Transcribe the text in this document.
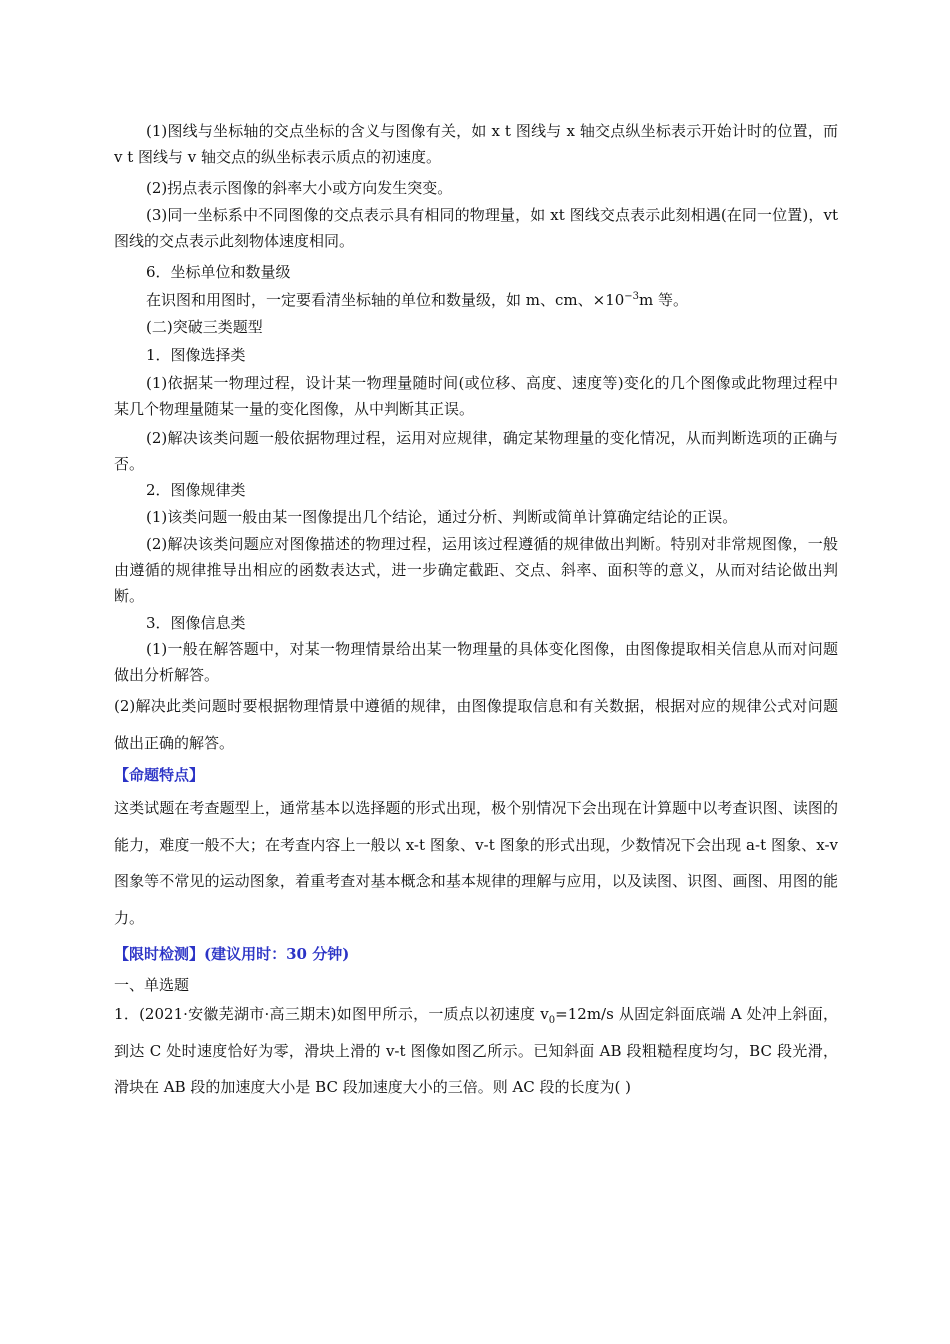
(1)图线与坐标轴的交点坐标的含义与图像有关，如 x t 图线与 x 轴交点纵坐标表示开始计时的位置，而 v t 图线与 v 轴交点的纵坐标表示质点的初速度。
(2)拐点表示图像的斜率大小或方向发生突变。
(3)同一坐标系中不同图像的交点表示具有相同的物理量，如 xt 图线交点表示此刻相遇(在同一位置)，vt 图线的交点表示此刻物体速度相同。
6．坐标单位和数量级
在识图和用图时，一定要看清坐标轴的单位和数量级，如 m、cm、$\times 10^{-3}m$ 等。
(二)突破三类题型
1．图像选择类
(1)依据某一物理过程，设计某一物理量随时间(或位移、高度、速度等)变化的几个图像或此物理过程中某几个物理量随某一量的变化图像，从中判断其正误。
(2)解决该类问题一般依据物理过程，运用对应规律，确定某物理量的变化情况，从而判断选项的正确与否。
2．图像规律类
(1)该类问题一般由某一图像提出几个结论，通过分析、判断或简单计算确定结论的正误。
(2)解决该类问题应对图像描述的物理过程，运用该过程遵循的规律做出判断。特别对非常规图像，一般由遵循的规律推导出相应的函数表达式，进一步确定截距、交点、斜率、面积等的意义，从而对结论做出判断。
3．图像信息类
(1)一般在解答题中，对某一物理情景给出某一物理量的具体变化图像，由图像提取相关信息从而对问题做出分析解答。
(2)解决此类问题时要根据物理情景中遵循的规律，由图像提取信息和有关数据，根据对应的规律公式对问题做出正确的解答。
【命题特点】
这类试题在考查题型上，通常基本以选择题的形式出现，极个别情况下会出现在计算题中以考查识图、读图的能力，难度一般不大；在考查内容上一般以 x-t 图象、v-t 图象的形式出现，少数情况下会出现 a-t 图象、x-v 图象等不常见的运动图象，着重考查对基本概念和基本规律的理解与应用，以及读图、识图、画图、用图的能力。
【限时检测】(建议用时：30 分钟)
一、单选题
1．(2021·安徽芜湖市·高三期末)如图甲所示，一质点以初速度 $v_0=12m/s$ 从固定斜面底端 A 处冲上斜面，到达 C 处时速度恰好为零，滑块上滑的 v-t 图像如图乙所示。已知斜面 AB 段粗糙程度均匀，BC 段光滑，滑块在 AB 段的加速度大小是 BC 段加速度大小的三倍。则 AC 段的长度为( )
